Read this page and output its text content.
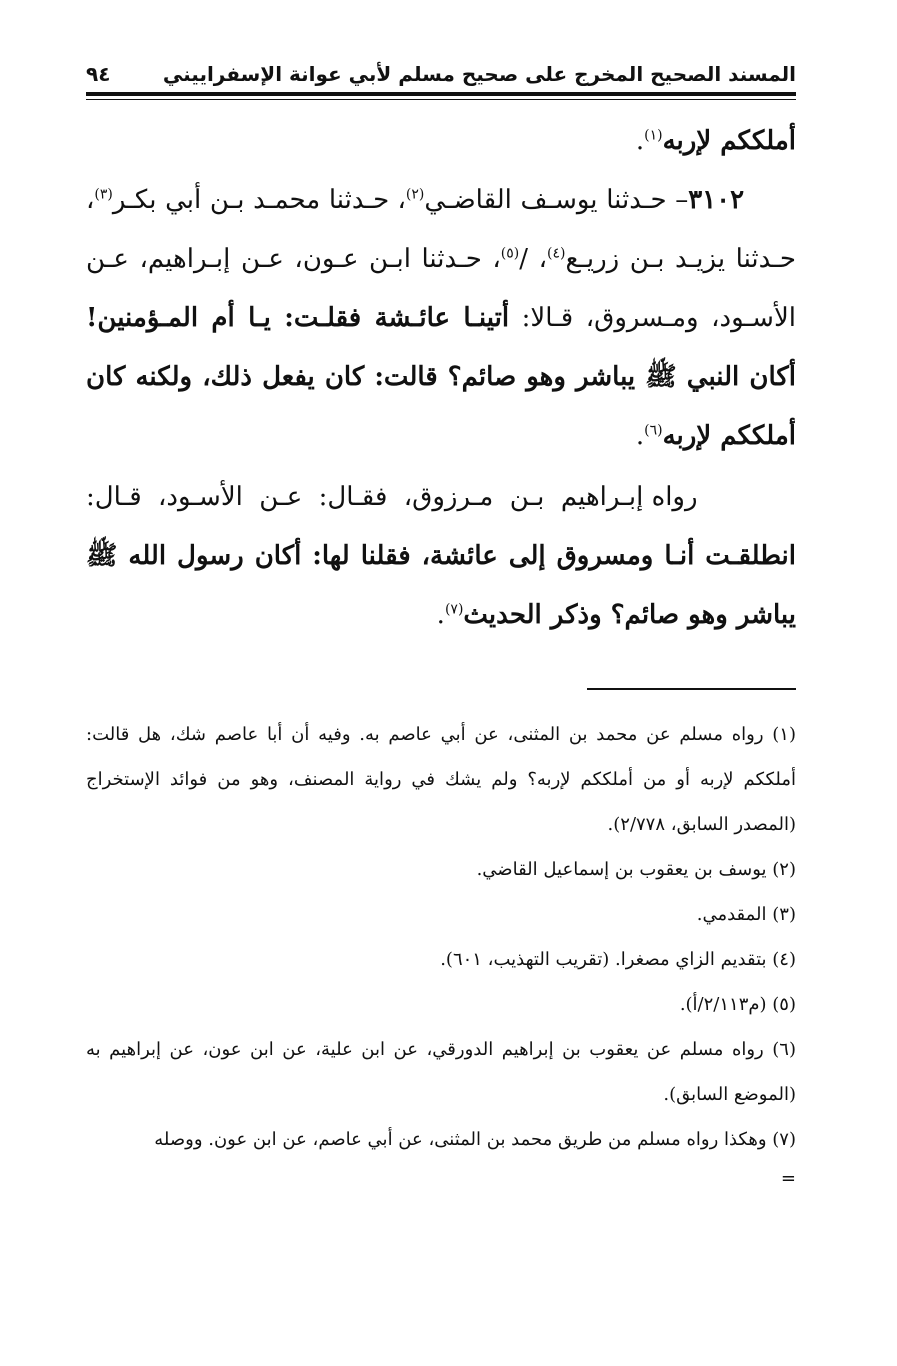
المسند الصحيح المخرج على صحيح مسلم لأبي عوانة الإسفراييني
٩٤

أملككم لإربه$^{(١)}$.

٣١٠٢– حـدثنا يوسـف القاضـي$^{(٢)}$، حـدثنا محمـد بـن أبي بكـر$^{(٣)}$، حـدثنا يزيـد بـن زريـع$^{(٤)}$، /$^{(٥)}$، حـدثنا ابـن عـون، عـن إبـراهيم، عـن الأسـود، ومـسروق، قـالا: أتينـا عائـشة فقلـت: يـا أم المـؤمنين! أكان النبي ﷺ يباشر وهو صائم؟ قالت: كان يفعل ذلك، ولكنه كان أملككم لإربه$^{(٦)}$.

رواه إبـراهيم بـن مـرزوق، فقـال: عـن الأسـود، قـال: انطلقـت أنـا ومسروق إلى عائشة، فقلنا لها: أكان رسول الله ﷺ يباشر وهو صائم؟ وذكر الحديث$^{(٧)}$.

(١) رواه مسلم عن محمد بن المثنى، عن أبي عاصم به. وفيه أن أبا عاصم شك، هل قالت: أملككم لإربه أو من أملككم لإربه؟ ولم يشك في رواية المصنف، وهو من فوائد الإستخراج (المصدر السابق، ٢/٧٧٨).

(٢) يوسف بن يعقوب بن إسماعيل القاضي.

(٣) المقدمي.

(٤) بتقديم الزاي مصغرا. (تقريب التهذيب، ٦٠١).

(٥) (م٢/١١٣/أ).

(٦) رواه مسلم عن يعقوب بن إبراهيم الدورقي، عن ابن علية، عن ابن عون، عن إبراهيم به (الموضع السابق).

(٧) وهكذا رواه مسلم من طريق محمد بن المثنى، عن أبي عاصم، عن ابن عون. ووصله

=
